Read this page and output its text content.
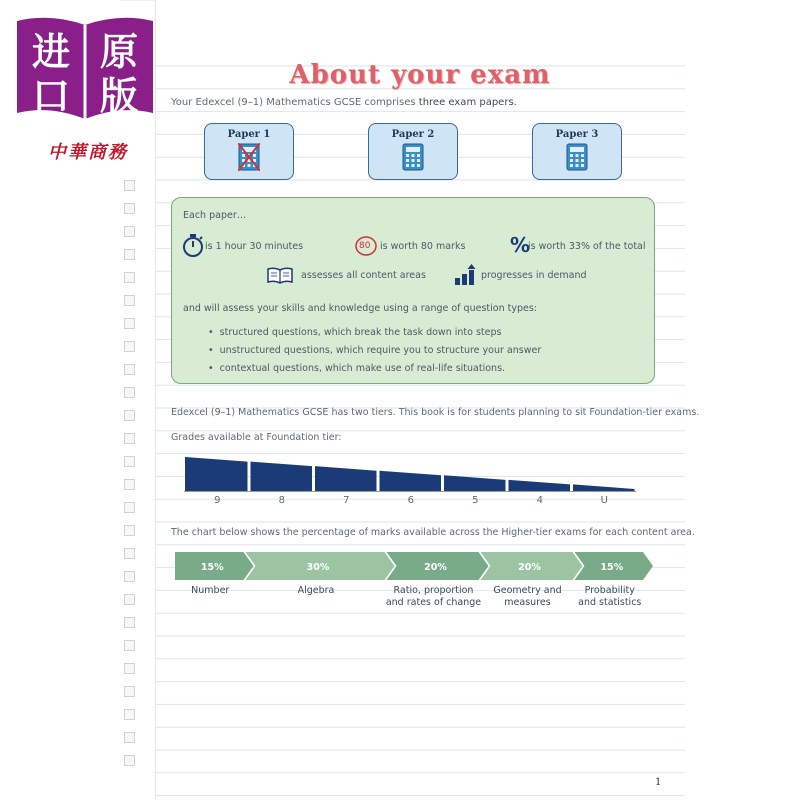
进 原
口 版
中華商務
About your exam
Your Edexcel (9–1) Mathematics GCSE comprises three exam papers.
Paper 1	Paper 2	Paper 3
Each paper…
is 1 hour 30 minutes	80 is worth 80 marks %
is worth 33% of the total
assesses all content areas	progresses in demand
and will assess your skills and knowledge using a range of question types:
•  structured questions, which break the task down into steps
•  unstructured questions, which require you to structure your answer
•  contextual questions, which make use of real-life situations.
Edexcel (9–1) Mathematics GCSE has two tiers. This book is for students planning to sit Foundation-tier exams.
Grades available at Foundation tier:
9	8	7	6	5	4	U
The chart below shows the percentage of marks available across the Higher-tier exams for each content area.
15%
Number
30%
Algebra
20%
Ratio, proportion
and rates of change
20%
Geometry and
measures
15%
Probability
and statistics
1
